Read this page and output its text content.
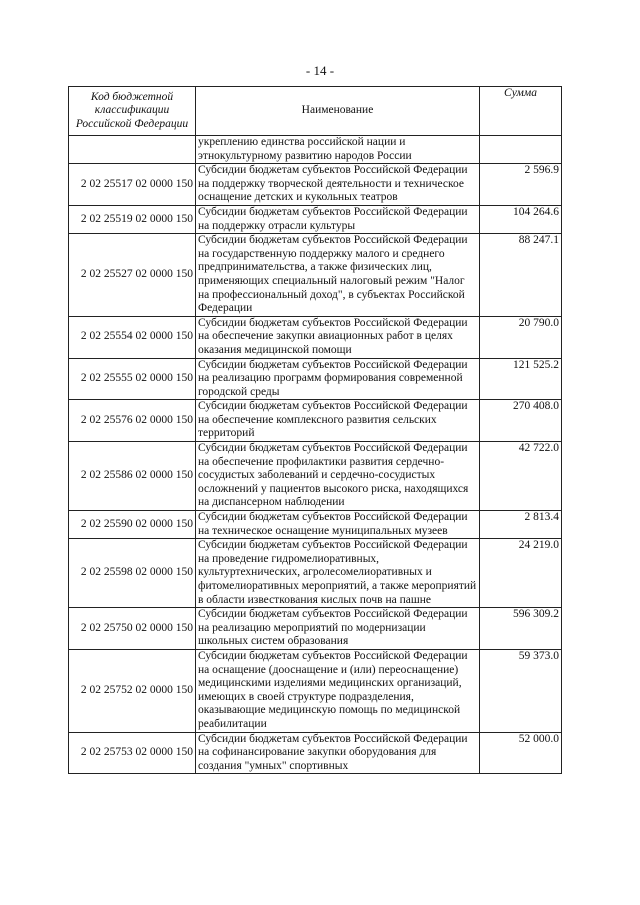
- 14 -
Код бюджетной классификации Российской Федерации	Наименование	Сумма
	укреплению единства российской нации и этнокультурному развитию народов России	
2 02 25517 02 0000 150	Субсидии бюджетам субъектов Российской Федерации на поддержку творческой деятельности и техническое оснащение детских и кукольных театров	2 596.9
2 02 25519 02 0000 150	Субсидии бюджетам субъектов Российской Федерации на поддержку отрасли культуры	104 264.6
2 02 25527 02 0000 150	Субсидии бюджетам субъектов Российской Федерации на государственную поддержку малого и среднего предпринимательства, а также физических лиц, применяющих специальный налоговый режим "Налог на профессиональный доход", в субъектах Российской Федерации	88 247.1
2 02 25554 02 0000 150	Субсидии бюджетам субъектов Российской Федерации на обеспечение закупки авиационных работ в целях оказания медицинской помощи	20 790.0
2 02 25555 02 0000 150	Субсидии бюджетам субъектов Российской Федерации на реализацию программ формирования современной городской среды	121 525.2
2 02 25576 02 0000 150	Субсидии бюджетам субъектов Российской Федерации на обеспечение комплексного развития сельских территорий	270 408.0
2 02 25586 02 0000 150	Субсидии бюджетам субъектов Российской Федерации на обеспечение профилактики развития сердечно-сосудистых заболеваний и сердечно-сосудистых осложнений у пациентов высокого риска, находящихся на диспансерном наблюдении	42 722.0
2 02 25590 02 0000 150	Субсидии бюджетам субъектов Российской Федерации на техническое оснащение муниципальных музеев	2 813.4
2 02 25598 02 0000 150	Субсидии бюджетам субъектов Российской Федерации на проведение гидромелиоративных, культуртехнических, агролесомелиоративных и фитомелиоративных мероприятий, а также мероприятий в области известкования кислых почв на пашне	24 219.0
2 02 25750 02 0000 150	Субсидии бюджетам субъектов Российской Федерации на реализацию мероприятий по модернизации школьных систем образования	596 309.2
2 02 25752 02 0000 150	Субсидии бюджетам субъектов Российской Федерации на оснащение (дооснащение и (или) переоснащение) медицинскими изделиями медицинских организаций, имеющих в своей структуре подразделения, оказывающие медицинскую помощь по медицинской реабилитации	59 373.0
2 02 25753 02 0000 150	Субсидии бюджетам субъектов Российской Федерации на софинансирование закупки оборудования для создания "умных" спортивных	52 000.0
